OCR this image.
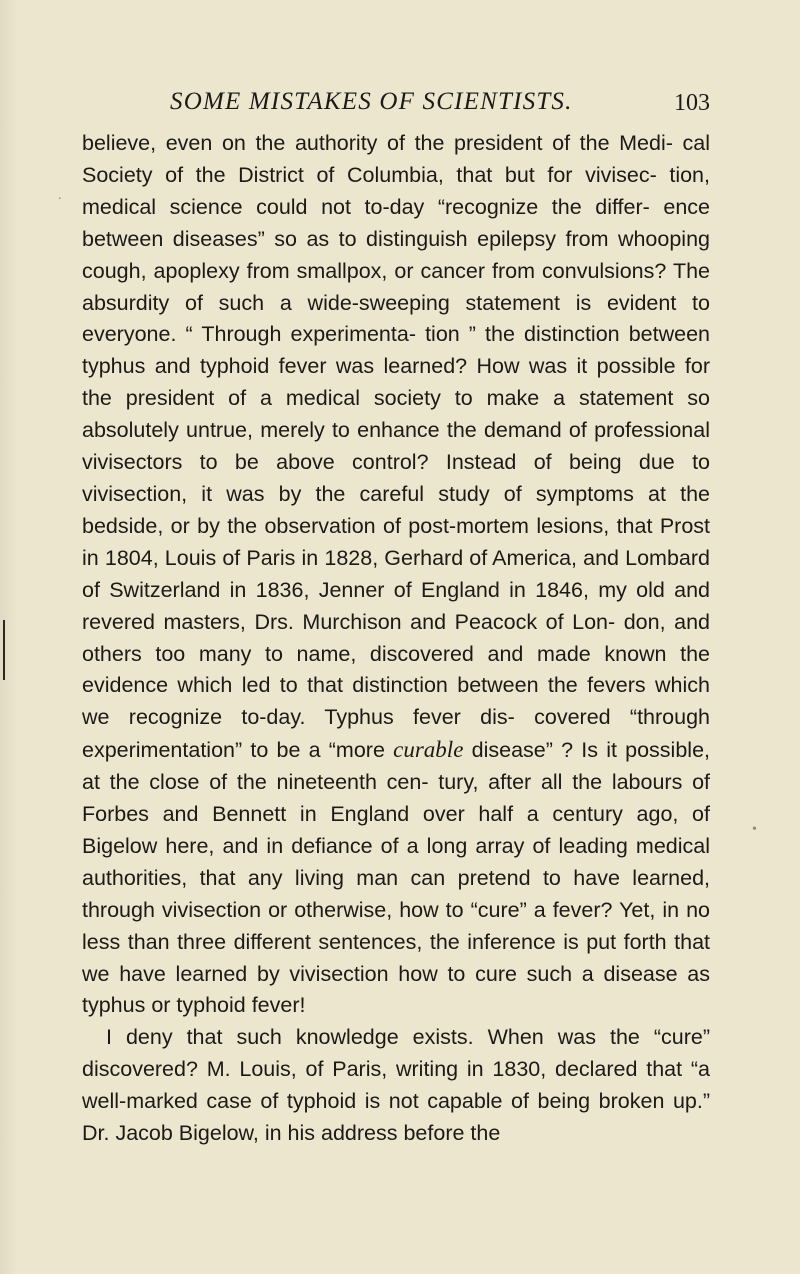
SOME MISTAKES OF SCIENTISTS.	103
.
•

believe, even on the authority of the president of the Medi- cal Society of the District of Columbia, that but for vivisec- tion, medical science could not to-day “recognize the differ- ence between diseases” so as to distinguish epilepsy from whooping cough, apoplexy from smallpox, or cancer from convulsions? The absurdity of such a wide-sweeping statement is evident to everyone. “ Through experimenta- tion ” the distinction between typhus and typhoid fever was learned? How was it possible for the president of a medical society to make a statement so absolutely untrue, merely to enhance the demand of professional vivisectors to be above control? Instead of being due to vivisection, it was by the careful study of symptoms at the bedside, or by the observation of post-mortem lesions, that Prost in 1804, Louis of Paris in 1828, Gerhard of America, and Lombard of Switzerland in 1836, Jenner of England in 1846, my old and revered masters, Drs. Murchison and Peacock of Lon- don, and others too many to name, discovered and made known the evidence which led to that distinction between the fevers which we recognize to-day. Typhus fever dis- covered “through experimentation” to be a “more curable disease” ? Is it possible, at the close of the nineteenth cen- tury, after all the labours of Forbes and Bennett in England over half a century ago, of Bigelow here, and in defiance of a long array of leading medical authorities, that any living man can pretend to have learned, through vivisection or otherwise, how to “cure” a fever? Yet, in no less than three different sentences, the inference is put forth that we have learned by vivisection how to cure such a disease as typhus or typhoid fever!

I deny that such knowledge exists. When was the “cure” discovered? M. Louis, of Paris, writing in 1830, declared that “a well-marked case of typhoid is not capable of being broken up.” Dr. Jacob Bigelow, in his address before the
